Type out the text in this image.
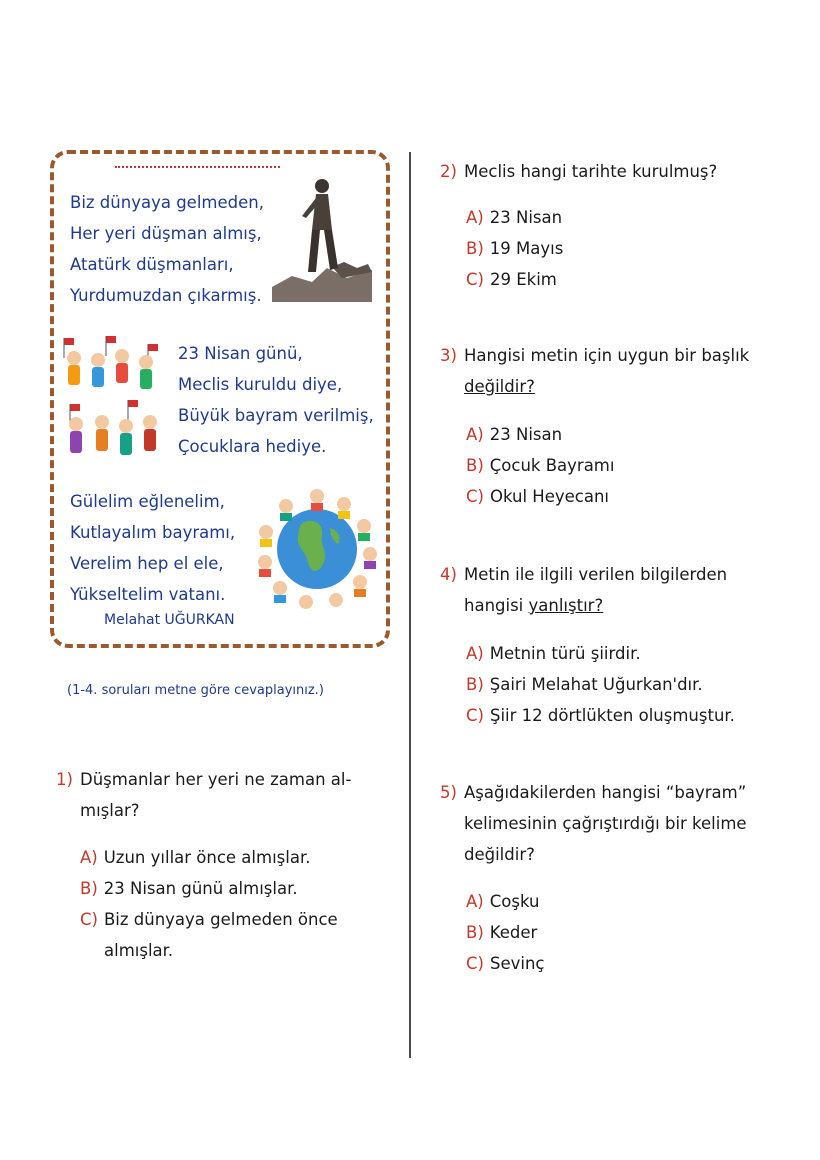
Biz dünyaya gelmeden,
Her yeri düşman almış,
Atatürk düşmanları,
Yurdumuzdan çıkarmış.
23 Nisan günü,
Meclis kuruldu diye,
Büyük bayram verilmiş,
Çocuklara hediye.
Gülelim eğlenelim,
Kutlayalım bayramı,
Verelim hep el ele,
Yükseltelim vatanı.
Melahat UĞURKAN
(1-4. soruları metne göre cevaplayınız.)
1) Düşmanlar her yeri ne zaman al-
mışlar?
A) Uzun yıllar önce almışlar.
B) 23 Nisan günü almışlar.
C) Biz dünyaya gelmeden önce
almışlar.
2) Meclis hangi tarihte kurulmuş?
A) 23 Nisan
B) 19 Mayıs
C) 29 Ekim
3) Hangisi metin için uygun bir başlık
değildir?
A) 23 Nisan
B) Çocuk Bayramı
C) Okul Heyecanı
4) Metin ile ilgili verilen bilgilerden
hangisi yanlıştır?
A) Metnin türü şiirdir.
B) Şairi Melahat Uğurkan'dır.
C) Şiir 12 dörtlükten oluşmuştur.
5) Aşağıdakilerden hangisi “bayram”
kelimesinin çağrıştırdığı bir kelime
değildir?
A) Coşku
B) Keder
C) Sevinç
